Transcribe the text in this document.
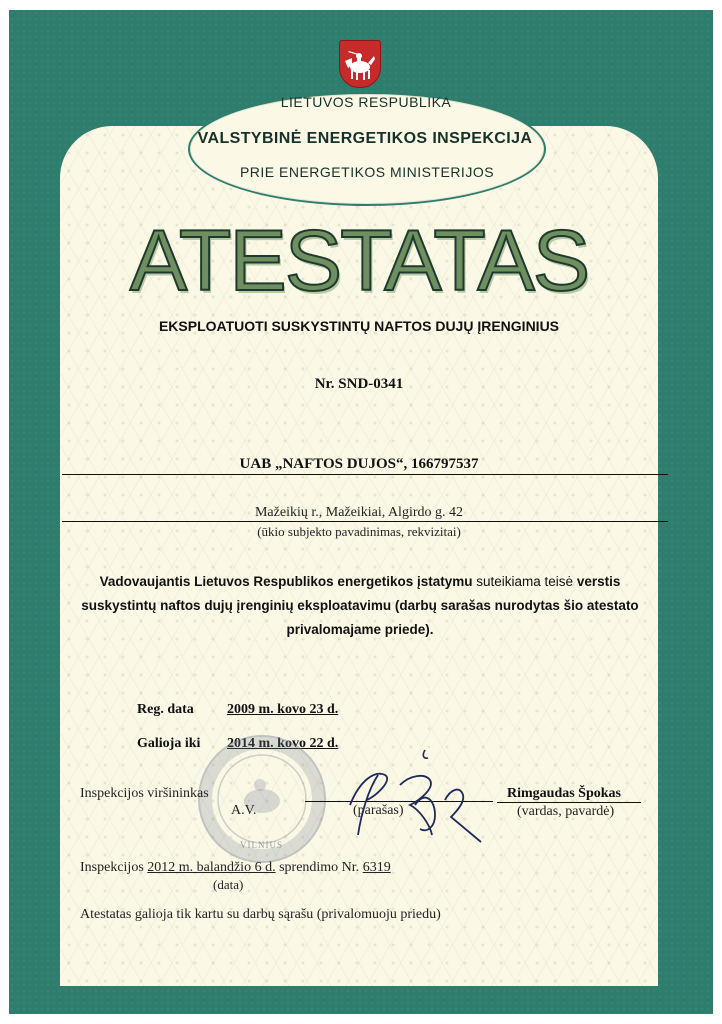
LIETUVOS RESPUBLIKA
VALSTYBINĖ ENERGETIKOS INSPEKCIJA
PRIE ENERGETIKOS MINISTERIJOS
ATESTATAS
EKSPLOATUOTI SUSKYSTINTŲ NAFTOS DUJŲ ĮRENGINIUS
Nr. SND-0341
UAB „NAFTOS DUJOS“, 166797537
Mažeikių r., Mažeikiai, Algirdo g. 42
(ūkio subjekto pavadinimas, rekvizitai)
Vadovaujantis Lietuvos Respublikos energetikos įstatymu suteikiama teisė verstis suskystintų naftos dujų įrenginių eksploatavimu (darbų sarašas nurodytas šio atestato privalomajame priede).
Reg. data 2009 m. kovo 23 d.
Galioja iki 2014 m. kovo 22 d.
VILNIUS
Inspekcijos viršininkas
A.V.	(parašas)
Rimgaudas Špokas
(vardas, pavardė)
Inspekcijos 2012 m. balandžio 6 d. sprendimo Nr. 6319
(data)
Atestatas galioja tik kartu su darbų sąrašu (privalomuoju priedu)
